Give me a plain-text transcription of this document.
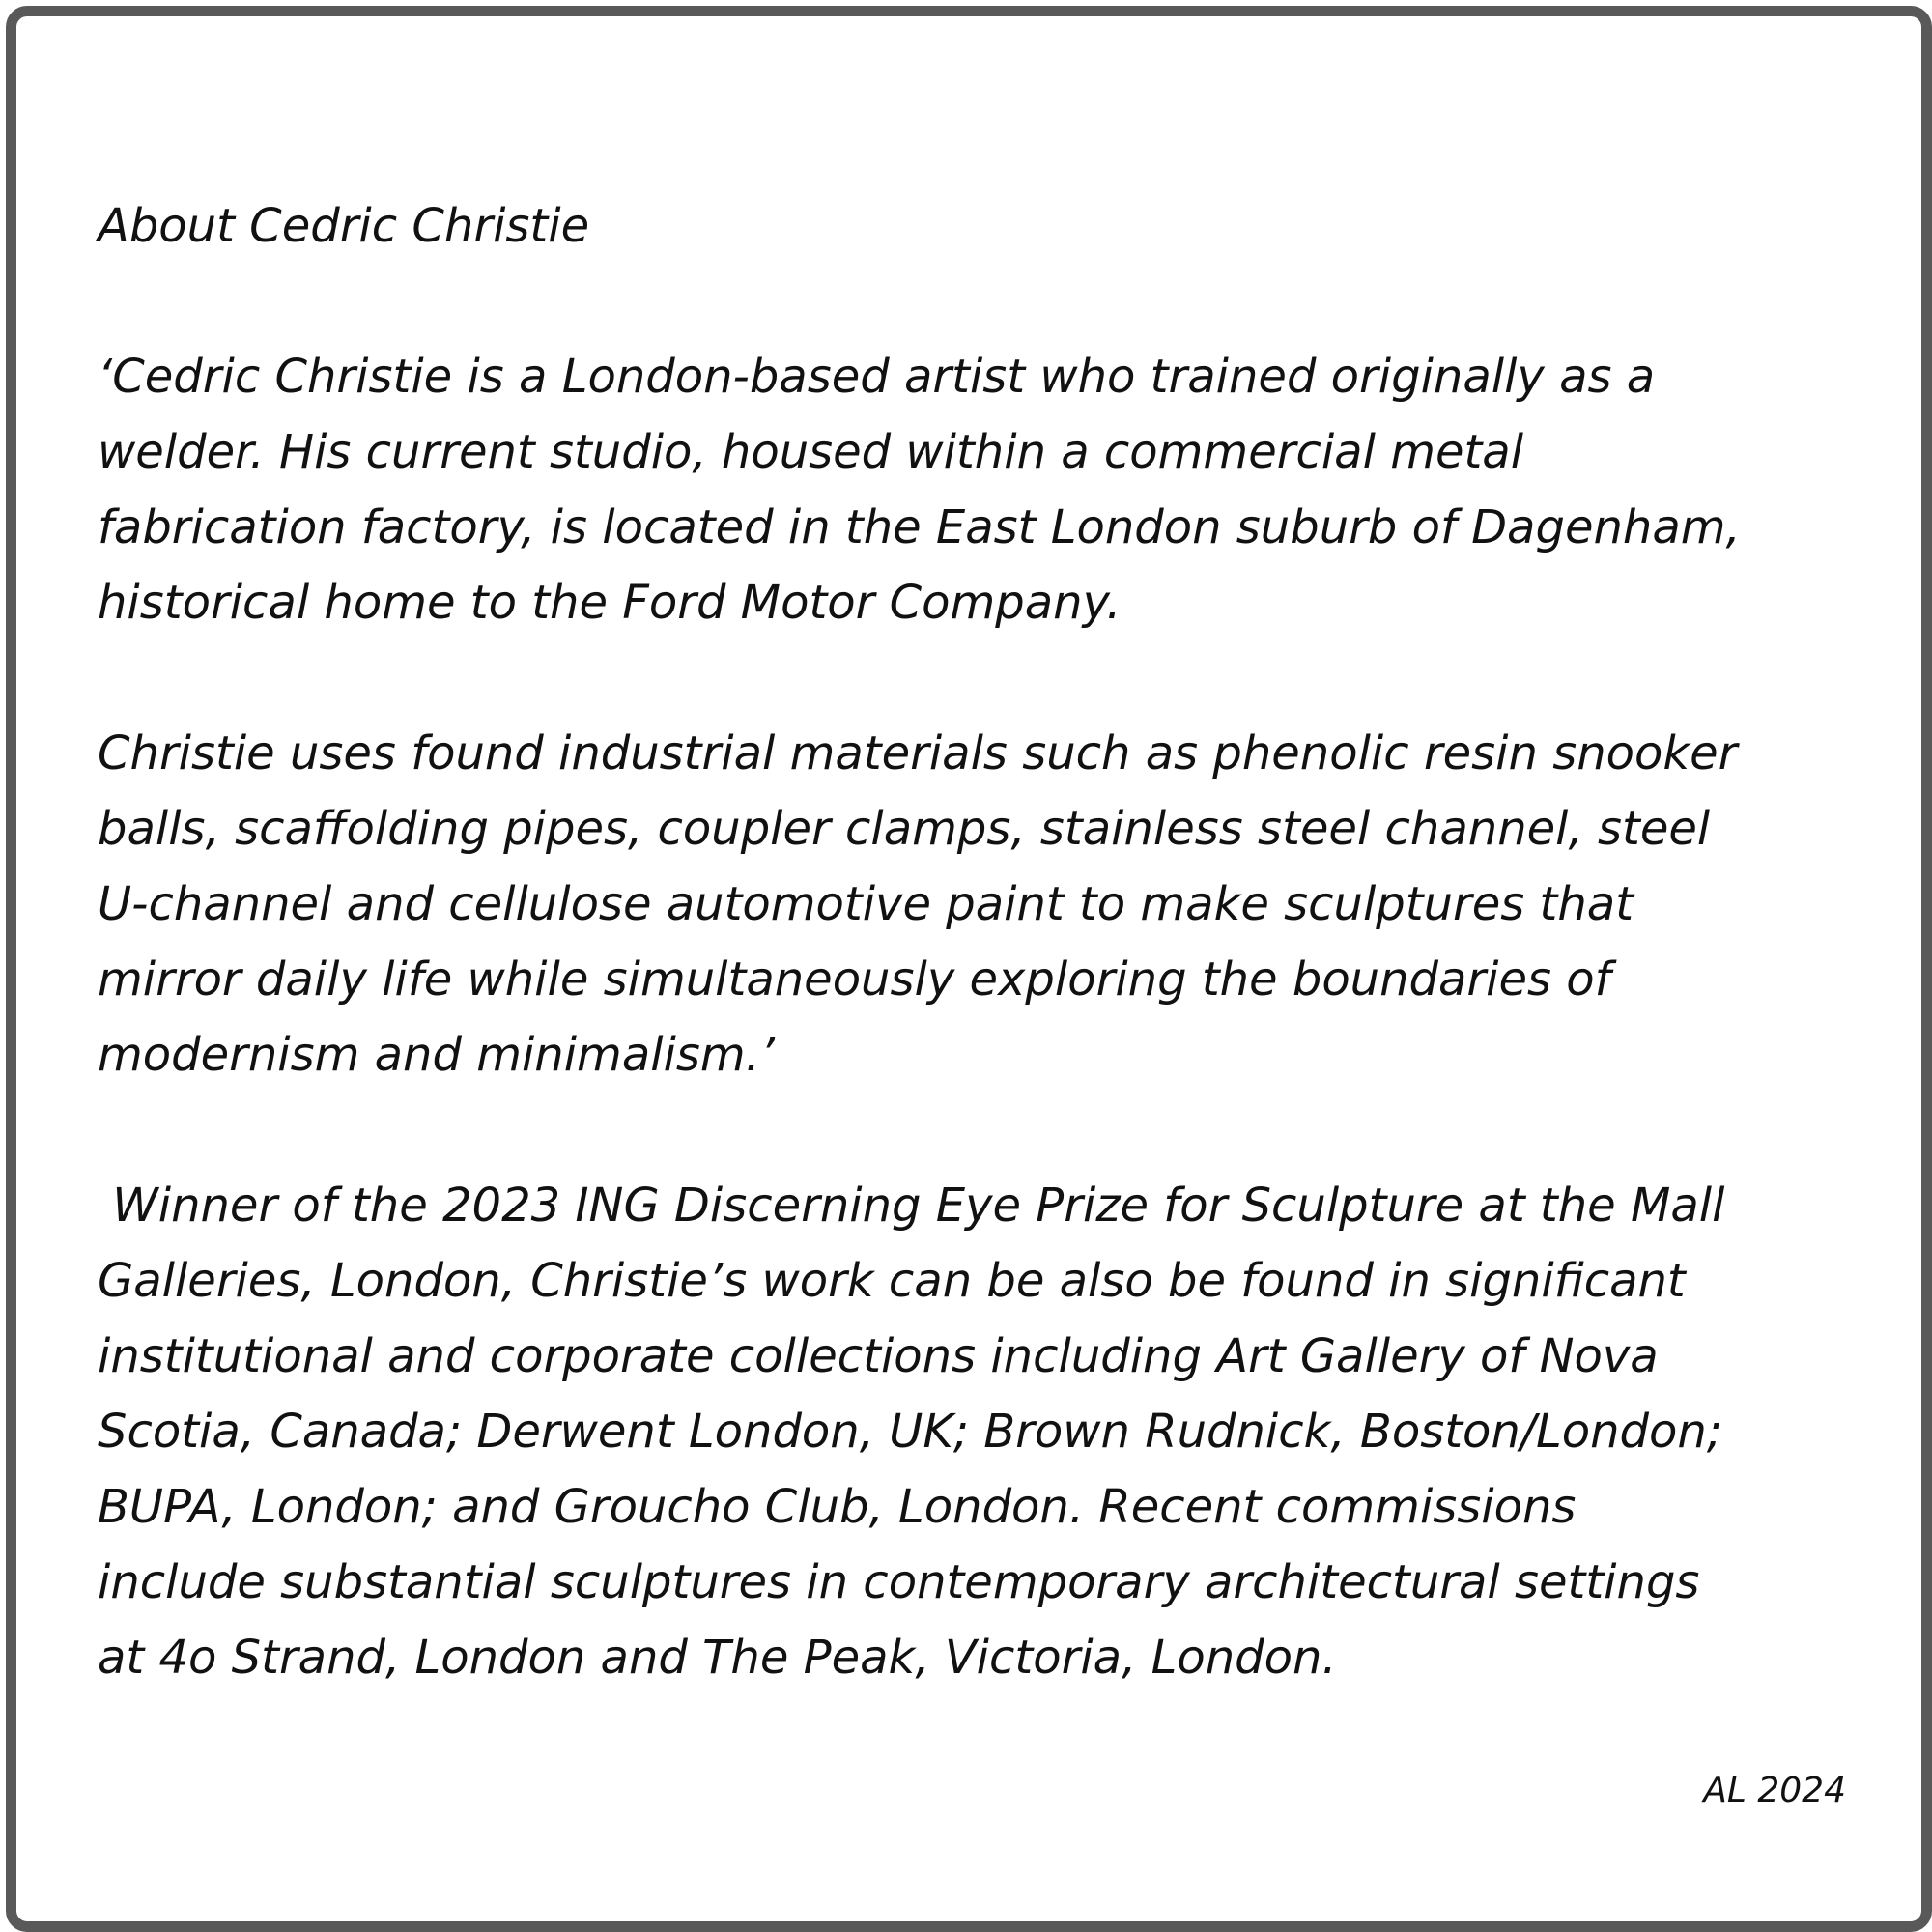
About Cedric Christie

‘Cedric Christie is a London-based artist who trained originally as a
welder. His current studio, housed within a commercial metal
fabrication factory, is located in the East London suburb of Dagenham,
historical home to the Ford Motor Company.

Christie uses found industrial materials such as phenolic resin snooker
balls, scaffolding pipes, coupler clamps, stainless steel channel, steel
U-channel and cellulose automotive paint to make sculptures that
mirror daily life while simultaneously exploring the boundaries of
modernism and minimalism.’

Winner of the 2023 ING Discerning Eye Prize for Sculpture at the Mall
Galleries, London, Christie’s work can be also be found in significant
institutional and corporate collections including Art Gallery of Nova
Scotia, Canada; Derwent London, UK; Brown Rudnick, Boston/London;
BUPA, London; and Groucho Club, London. Recent commissions
include substantial sculptures in contemporary architectural settings
at 4o Strand, London and The Peak, Victoria, London.

AL 2024
